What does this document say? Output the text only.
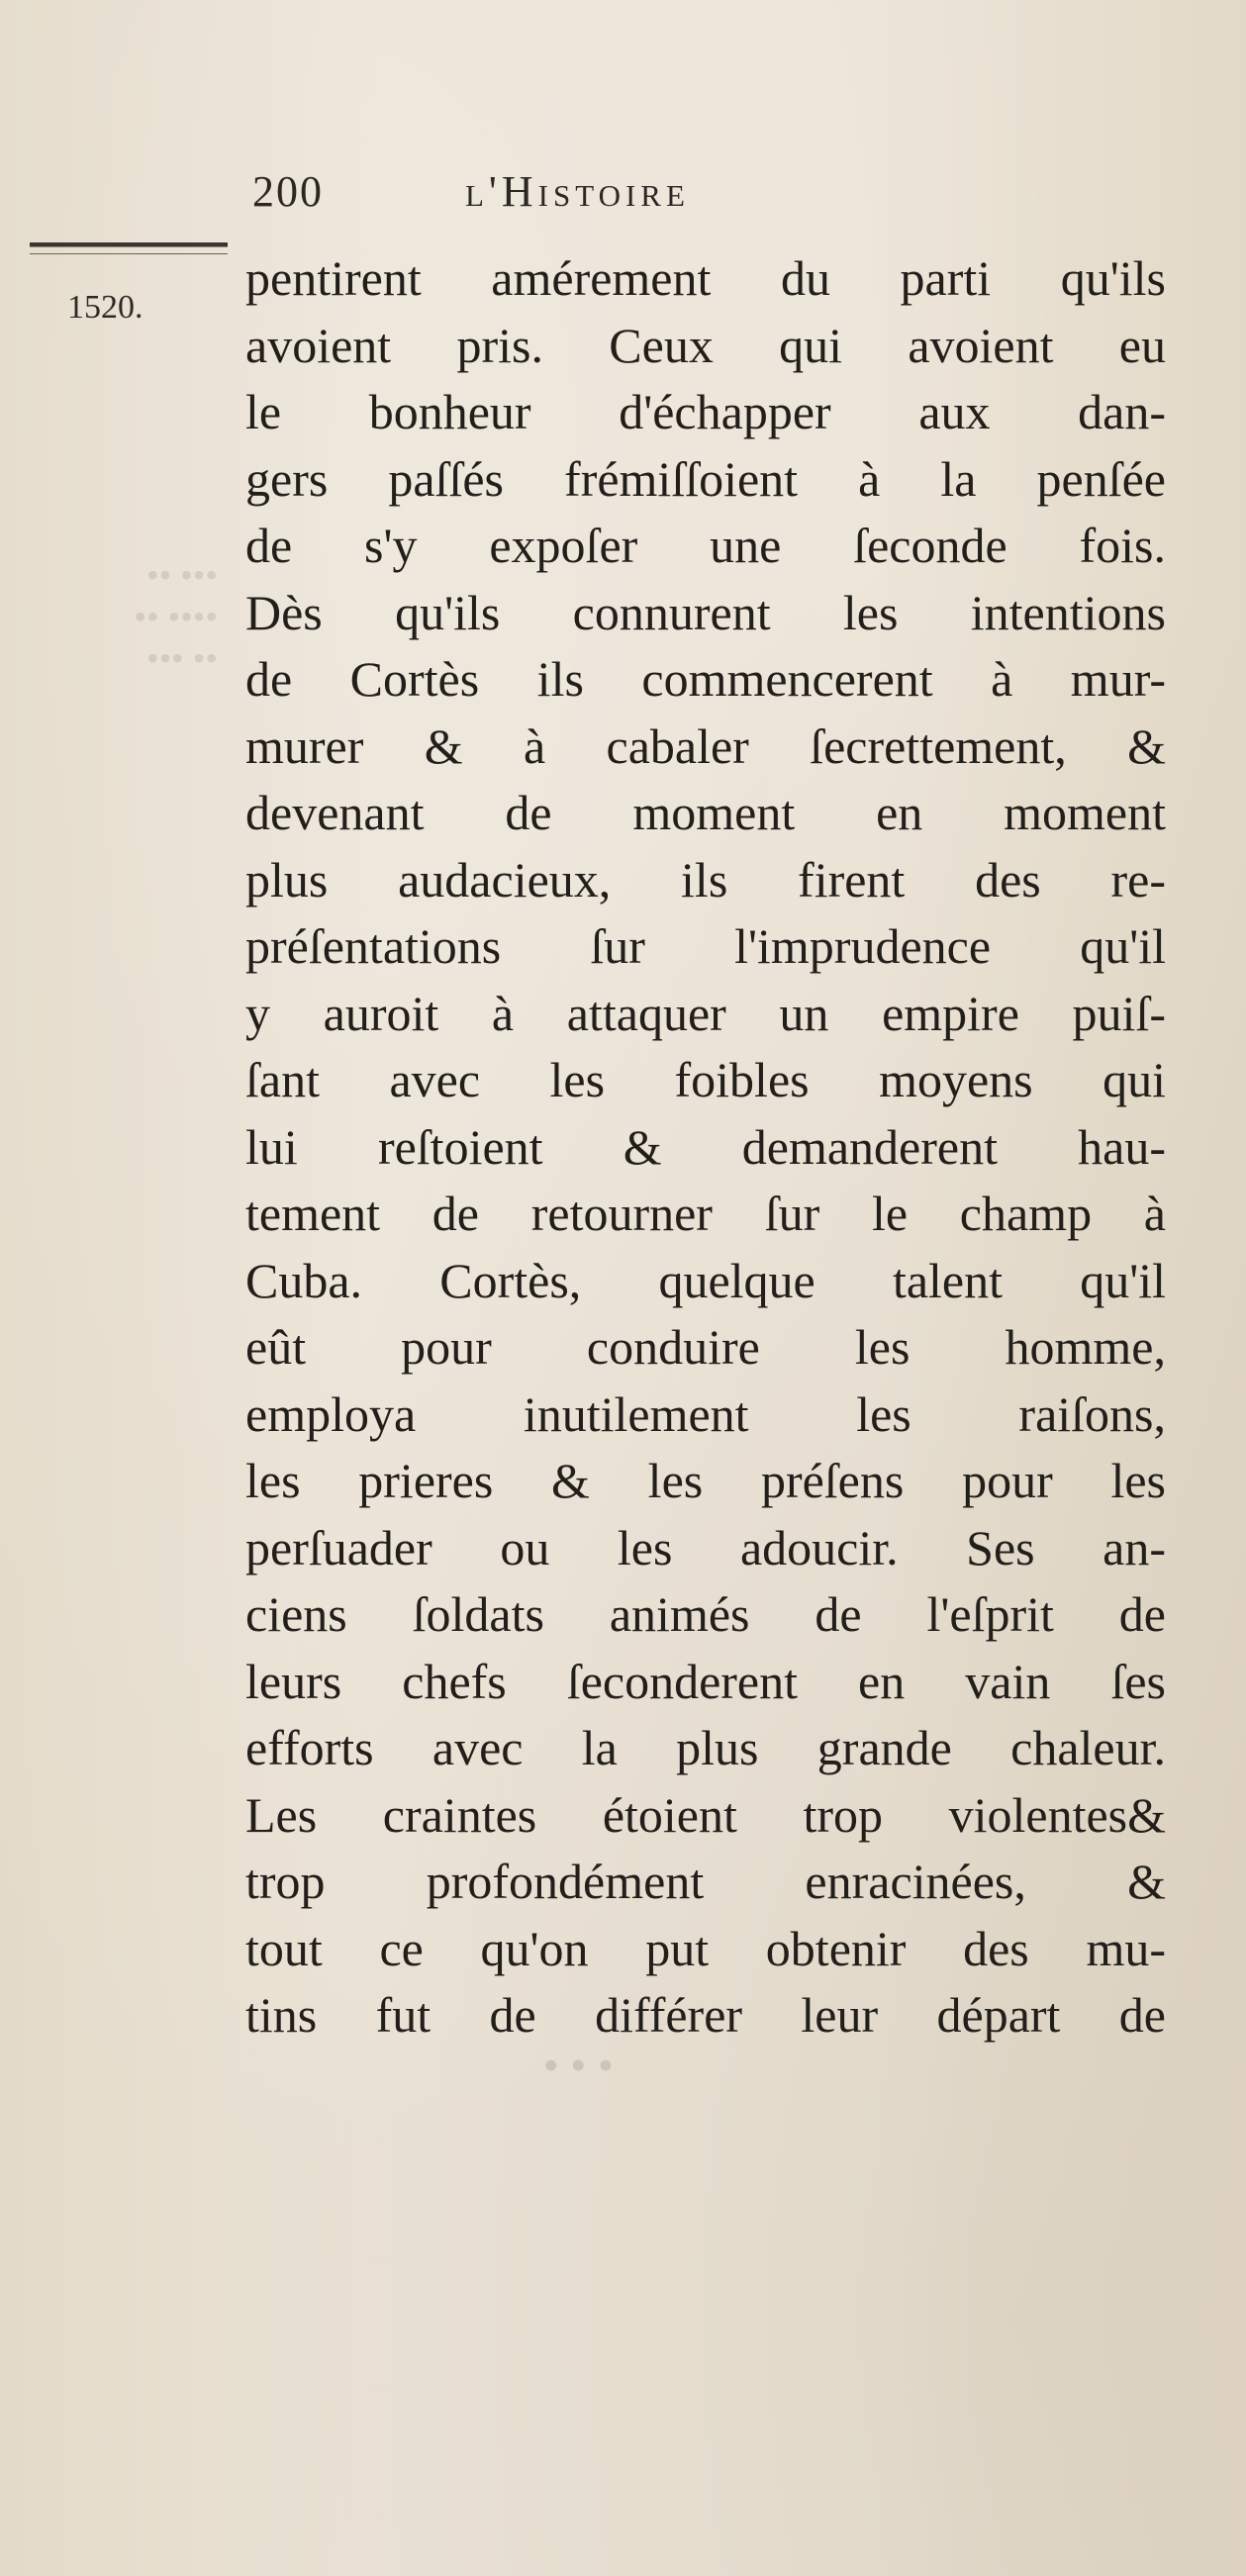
••• ••
•••• ••
•• •••
200	l'Histoire
1520.
pentirent amérement du parti qu'ils
avoient pris. Ceux qui avoient eu
le bonheur d'échapper aux dan-
gers paſſés frémiſſoient à la penſée
de s'y expoſer une ſeconde fois.
Dès qu'ils connurent les intentions
de Cortès ils commencerent à mur-
murer & à cabaler ſecrettement, &
devenant de moment en moment
plus audacieux, ils firent des re-
préſentations ſur l'imprudence qu'il
y auroit à attaquer un empire puiſ-
ſant avec les foibles moyens qui
lui reſtoient & demanderent hau-
tement de retourner ſur le champ à
Cuba. Cortès, quelque talent qu'il
eût pour conduire les homme,
employa inutilement les raiſons,
les prieres & les préſens pour les
perſuader ou les adoucir. Ses an-
ciens ſoldats animés de l'eſprit de
leurs chefs ſeconderent en vain ſes
efforts avec la plus grande chaleur.
Les craintes étoient trop violentes&
trop profondément enracinées, &
tout ce qu'on put obtenir des mu-
tins fut de différer leur départ de
• • •
